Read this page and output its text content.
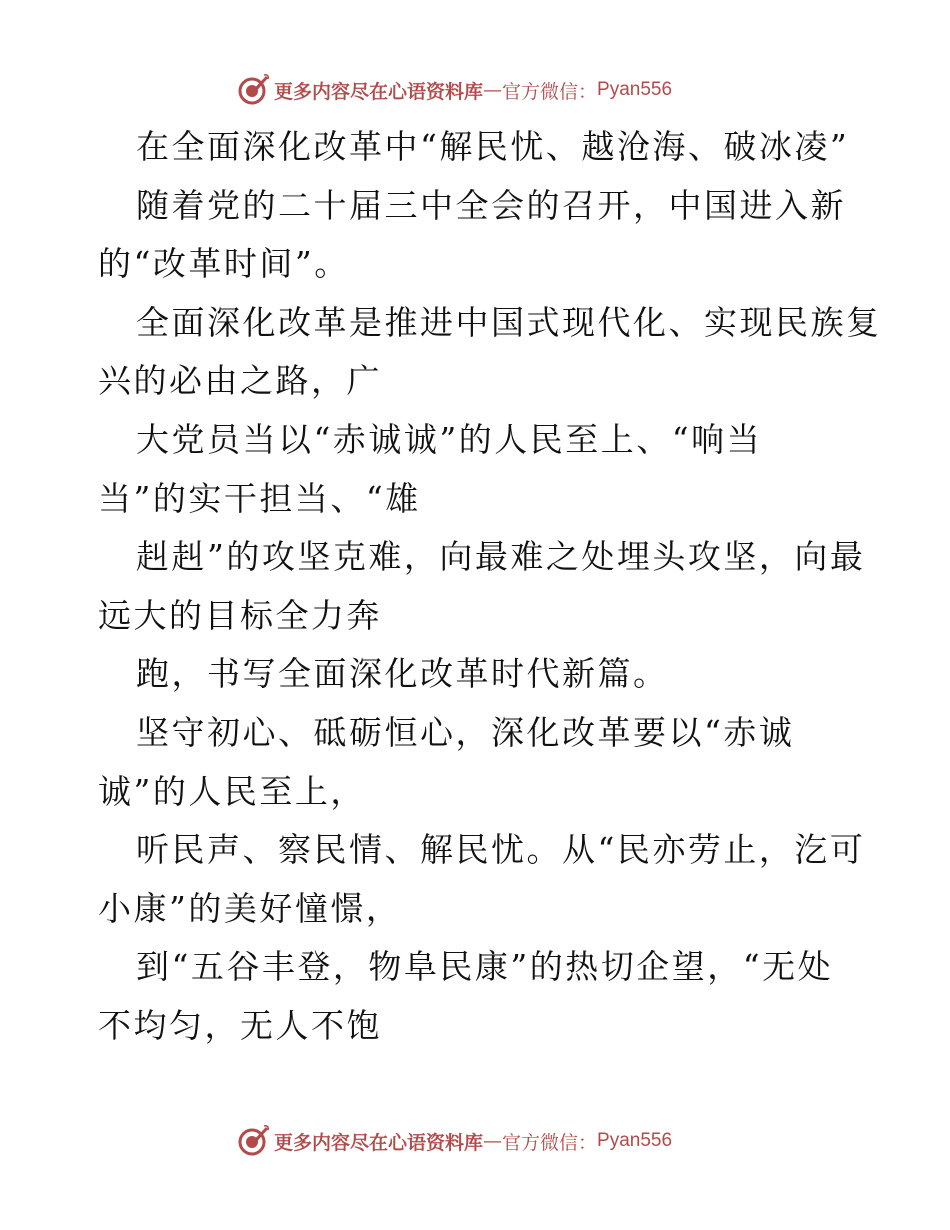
更多内容尽在心语资料库 — 官方微信： Pyan556
在全面深化改革中“解民忧、越沧海、破冰凌”
随着党的二十届三中全会的召开，中国进入新
的“改革时间”。
全面深化改革是推进中国式现代化、实现民族复
兴的必由之路，广
大党员当以“赤诚诚”的人民至上、“响当
当”的实干担当、“雄
赳赳”的攻坚克难，向最难之处埋头攻坚，向最
远大的目标全力奔
跑，书写全面深化改革时代新篇。
坚守初心、砥砺恒心，深化改革要以“赤诚
诚”的人民至上，
听民声、察民情、解民忧。从“民亦劳止，汔可
小康”的美好憧憬，
到“五谷丰登，物阜民康”的热切企望，“无处
不均匀，无人不饱
更多内容尽在心语资料库 — 官方微信： Pyan556
